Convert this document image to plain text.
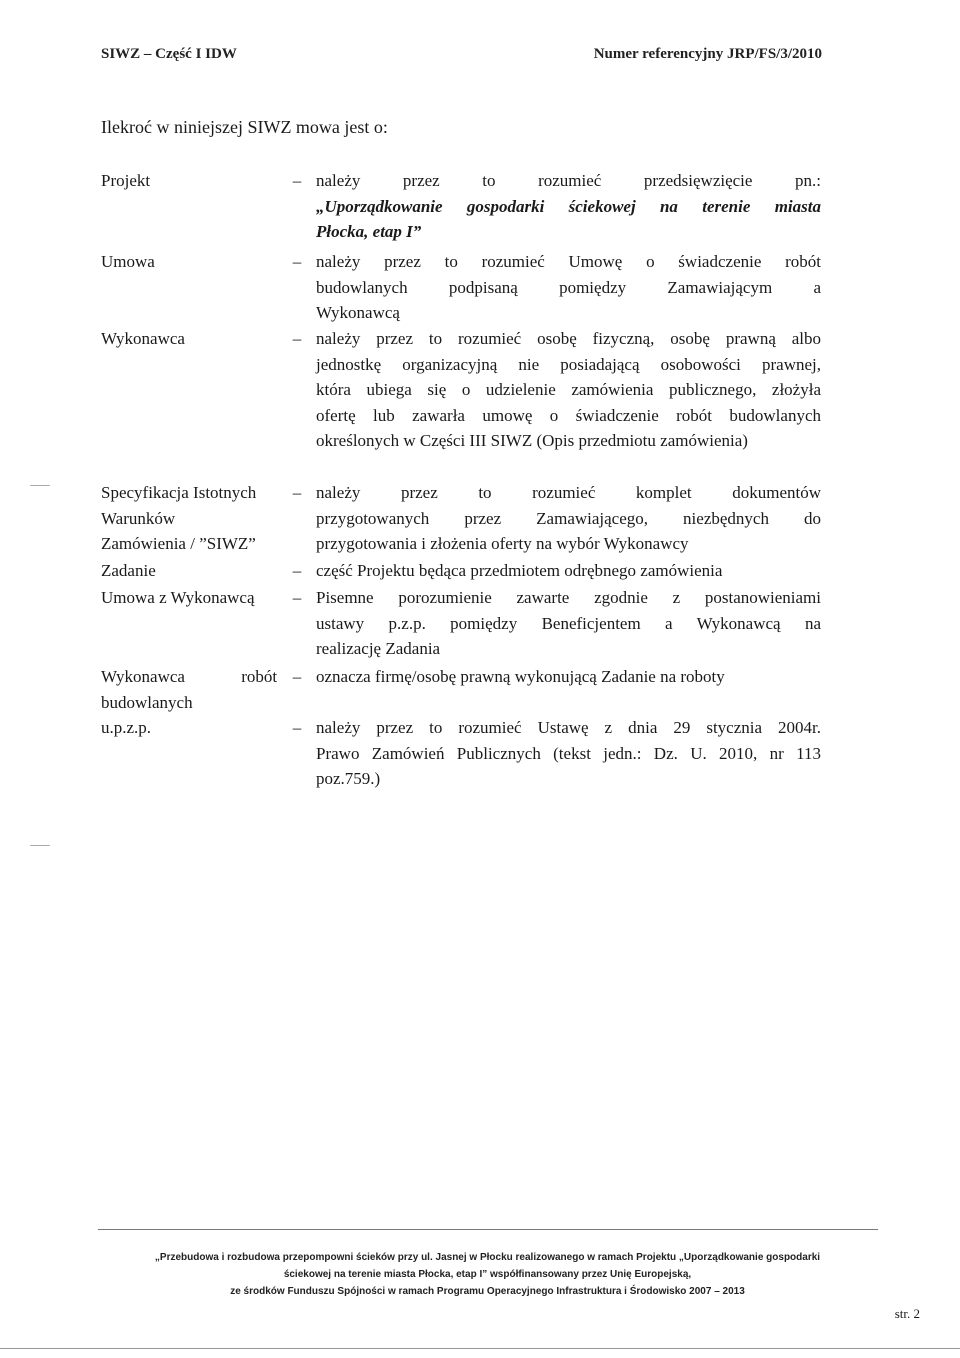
SIWZ – Część I IDW	Numer referencyjny JRP/FS/3/2010
Ilekroć w niniejszej SIWZ mowa jest o:
Projekt	– należy przez to rozumieć przedsięwzięcie pn.:
„Uporządkowanie gospodarki ściekowej na terenie miasta
Płocka, etap I”
Umowa	– należy przez to rozumieć Umowę o świadczenie robót
budowlanych podpisaną pomiędzy Zamawiającym a
Wykonawcą
Wykonawca	– należy przez to rozumieć osobę fizyczną, osobę prawną albo
jednostkę organizacyjną nie posiadającą osobowości prawnej,
która ubiega się o udzielenie zamówienia publicznego, złożyła
ofertę lub zawarła umowę o świadczenie robót budowlanych
określonych w Części III SIWZ (Opis przedmiotu zamówienia)
Specyfikacja Istotnych
Warunków
Zamówienia / ”SIWZ”
– należy przez to rozumieć komplet dokumentów
przygotowanych przez Zamawiającego, niezbędnych do
przygotowania i złożenia oferty na wybór Wykonawcy
Zadanie	– część Projektu będąca przedmiotem odrębnego zamówienia
Umowa z Wykonawcą	– Pisemne porozumienie zawarte zgodnie z postanowieniami
ustawy p.z.p. pomiędzy Beneficjentem a Wykonawcą na
realizację Zadania
Wykonawca robót
budowlanych
– oznacza firmę/osobę prawną wykonującą Zadanie na roboty
u.p.z.p.	– należy przez to rozumieć Ustawę z dnia 29 stycznia 2004r.
Prawo Zamówień Publicznych (tekst jedn.: Dz. U. 2010, nr 113
poz.759.)
„Przebudowa i rozbudowa przepompowni ścieków przy ul. Jasnej w Płocku realizowanego w ramach Projektu „Uporządkowanie gospodarki
ściekowej na terenie miasta Płocka, etap I” współfinansowany przez Unię Europejską,
ze środków Funduszu Spójności w ramach Programu Operacyjnego Infrastruktura i Środowisko 2007 – 2013
str. 2
